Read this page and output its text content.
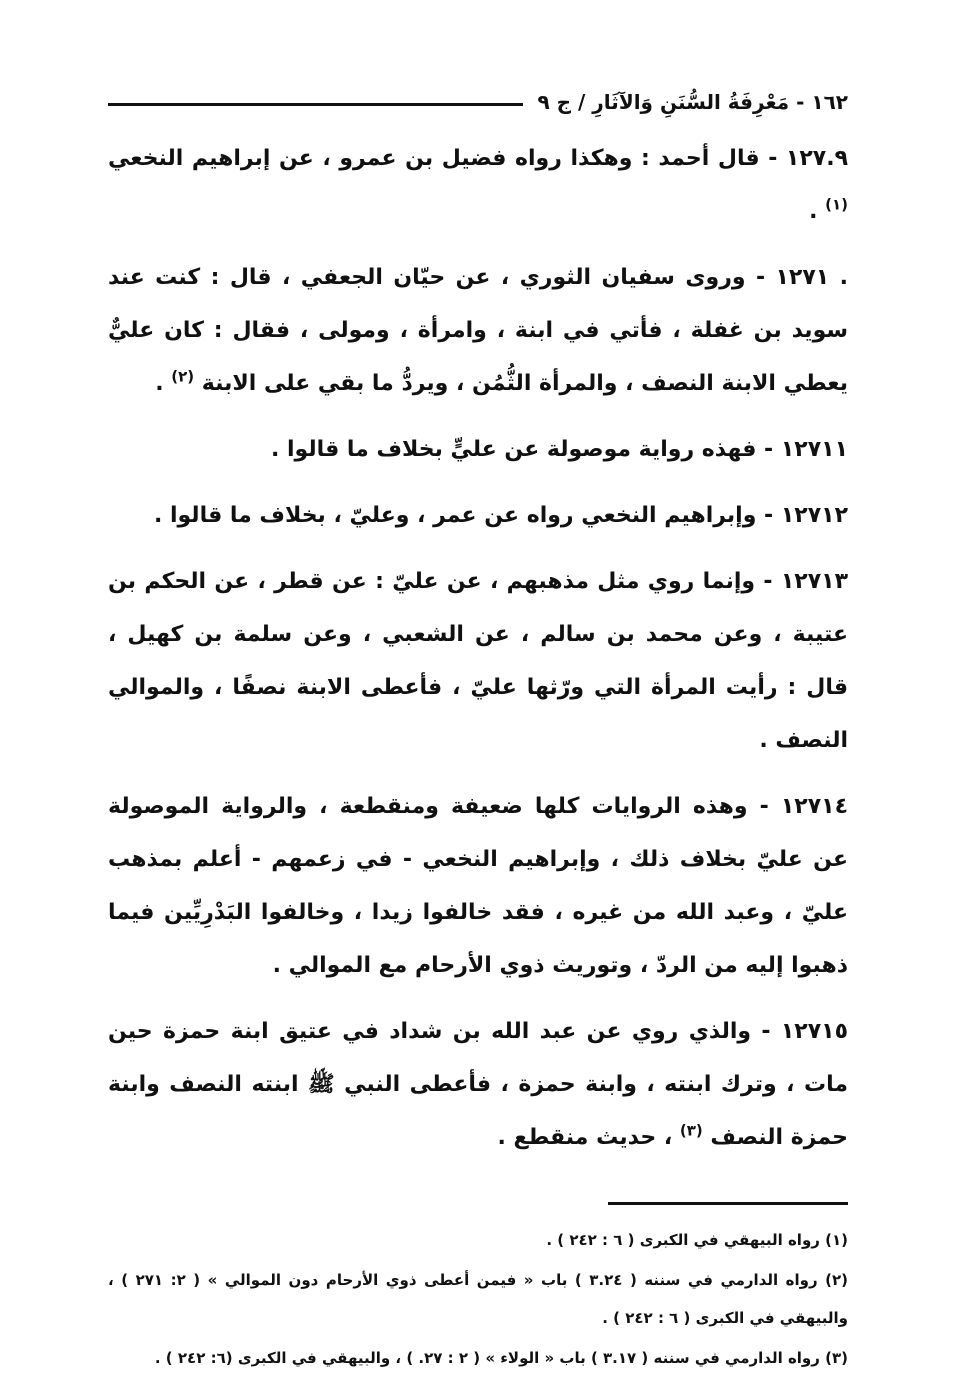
١٦٢ - مَعْرِفَةُ السُّنَنِ وَالآثَارِ / ج ٩

١٢٧.٩ - قال أحمد : وهكذا رواه فضيل بن عمرو ، عن إبراهيم النخعي $^{(١)}$ .

. ١٢٧١ - وروى سفيان الثوري ، عن حيّان الجعفي ، قال : كنت عند سويد بن غفلة ، فأتي في ابنة ، وامرأة ، ومولى ، فقال : كان عليٌّ يعطي الابنة النصف ، والمرأة الثُّمُن ، ويردُّ ما بقي على الابنة $^{(٢)}$ .

١٢٧١١ - فهذه رواية موصولة عن عليٍّ بخلاف ما قالوا .

١٢٧١٢ - وإبراهيم النخعي رواه عن عمر ، وعليّ ، بخلاف ما قالوا .

١٢٧١٣ - وإنما روي مثل مذهبهم ، عن عليّ : عن قطر ، عن الحكم بن عتيبة ، وعن محمد بن سالم ، عن الشعبي ، وعن سلمة بن كهيل ، قال : رأيت المرأة التي ورّثها عليّ ، فأعطى الابنة نصفًا ، والموالي النصف .

١٢٧١٤ - وهذه الروايات كلها ضعيفة ومنقطعة ، والرواية الموصولة عن عليّ بخلاف ذلك ، وإبراهيم النخعي - في زعمهم - أعلم بمذهب عليّ ، وعبد الله من غيره ، فقد خالفوا زيدا ، وخالفوا البَدْرِيِّين فيما ذهبوا إليه من الردّ ، وتوريث ذوي الأرحام مع الموالي .

١٢٧١٥ - والذي روي عن عبد الله بن شداد في عتيق ابنة حمزة حين مات ، وترك ابنته ، وابنة حمزة ، فأعطى النبي ﷺ ابنته النصف وابنة حمزة النصف $^{(٣)}$ ، حديث منقطع .

(١) رواه البيهقي في الكبرى ( ٦ : ٢٤٢ ) .

(٢) رواه الدارمي في سننه ( ٣.٢٤ ) باب « فيمن أعطى ذوي الأرحام دون الموالي » ( ٢: ٢٧١ ) ، والبيهقي في الكبرى ( ٦ : ٢٤٢ ) .

(٣) رواه الدارمي في سننه ( ٣.١٧ ) باب « الولاء » ( ٢ : ٢٧. ) ، والبيهقي في الكبرى (٦: ٢٤٢ ) .
